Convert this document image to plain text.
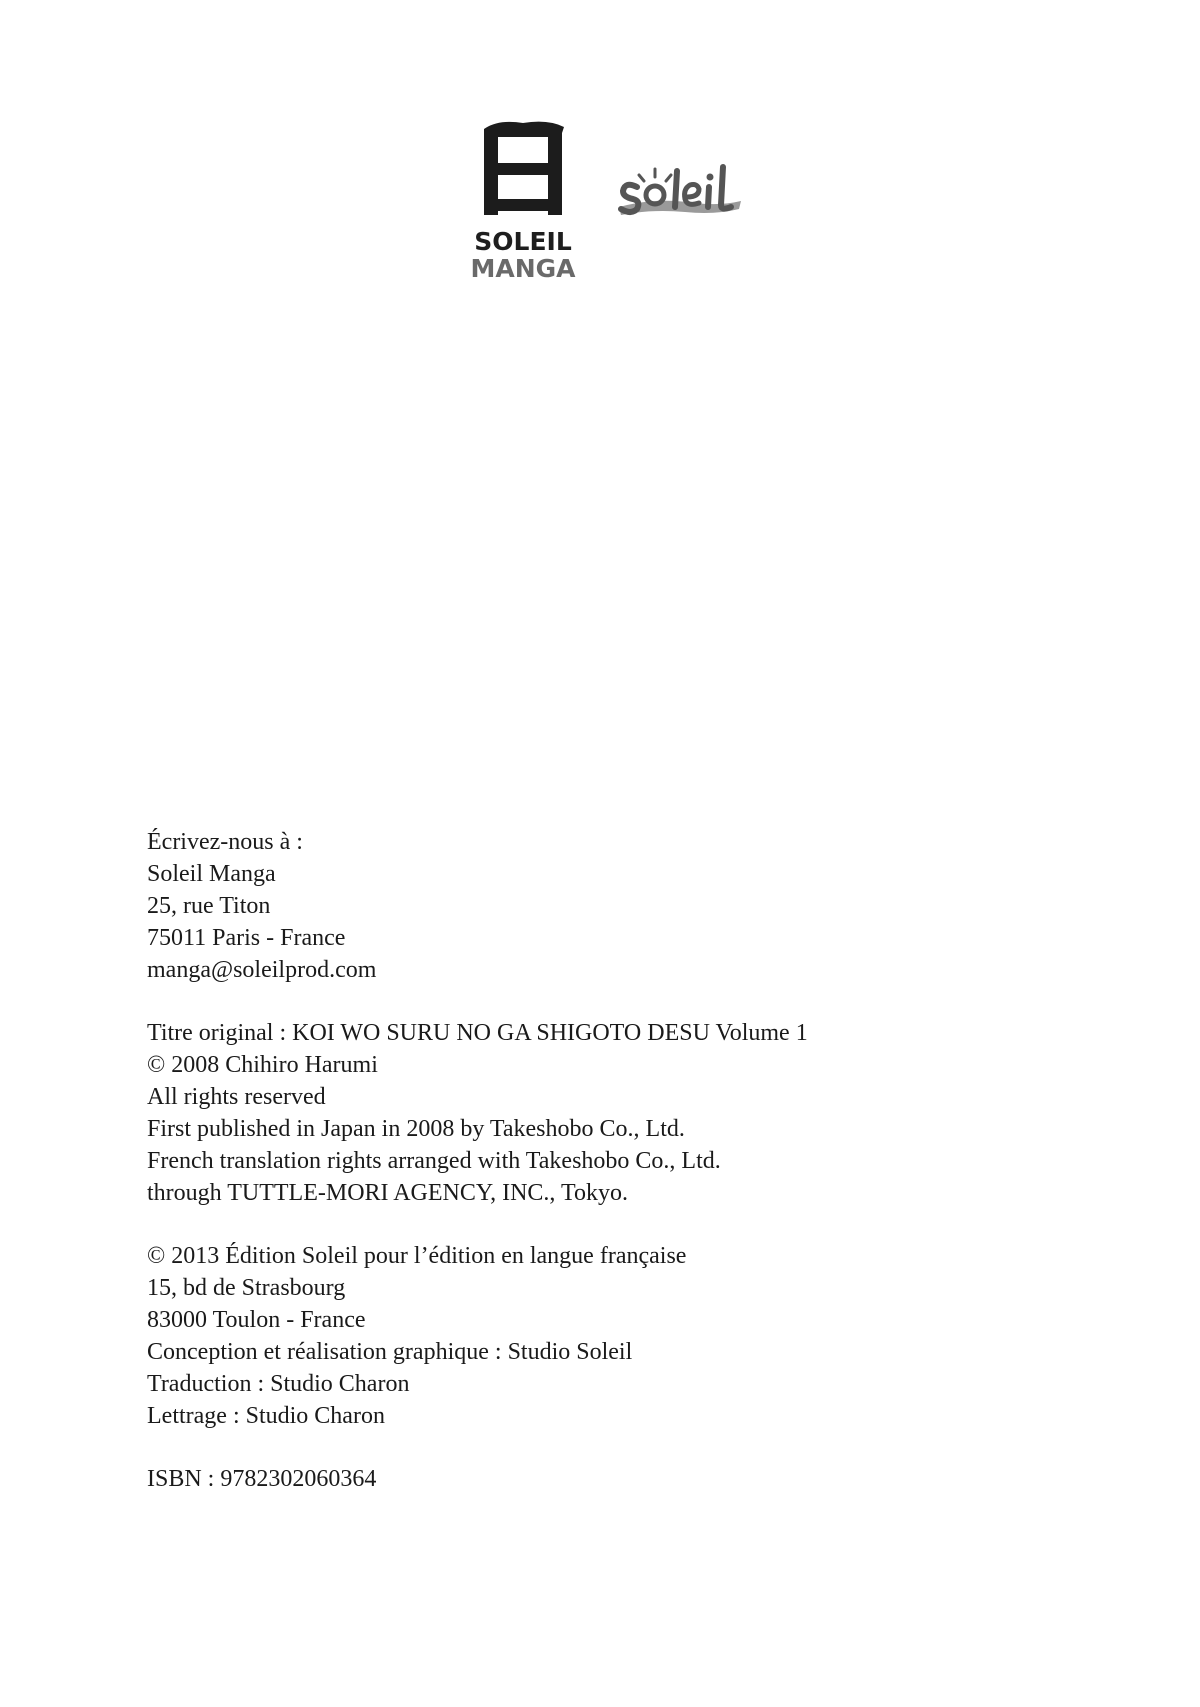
SOLEIL
MANGA
Écrivez-nous à :
Soleil Manga
25, rue Titon
75011 Paris - France
manga@soleilprod.com
Titre original : KOI WO SURU NO GA SHIGOTO DESU Volume 1
© 2008 Chihiro Harumi
All rights reserved
First published in Japan in 2008 by Takeshobo Co., Ltd.
French translation rights arranged with Takeshobo Co., Ltd.
through TUTTLE-MORI AGENCY, INC., Tokyo.
© 2013 Édition Soleil pour l’édition en langue française
15, bd de Strasbourg
83000 Toulon - France
Conception et réalisation graphique : Studio Soleil
Traduction : Studio Charon
Lettrage : Studio Charon
ISBN : 9782302060364
